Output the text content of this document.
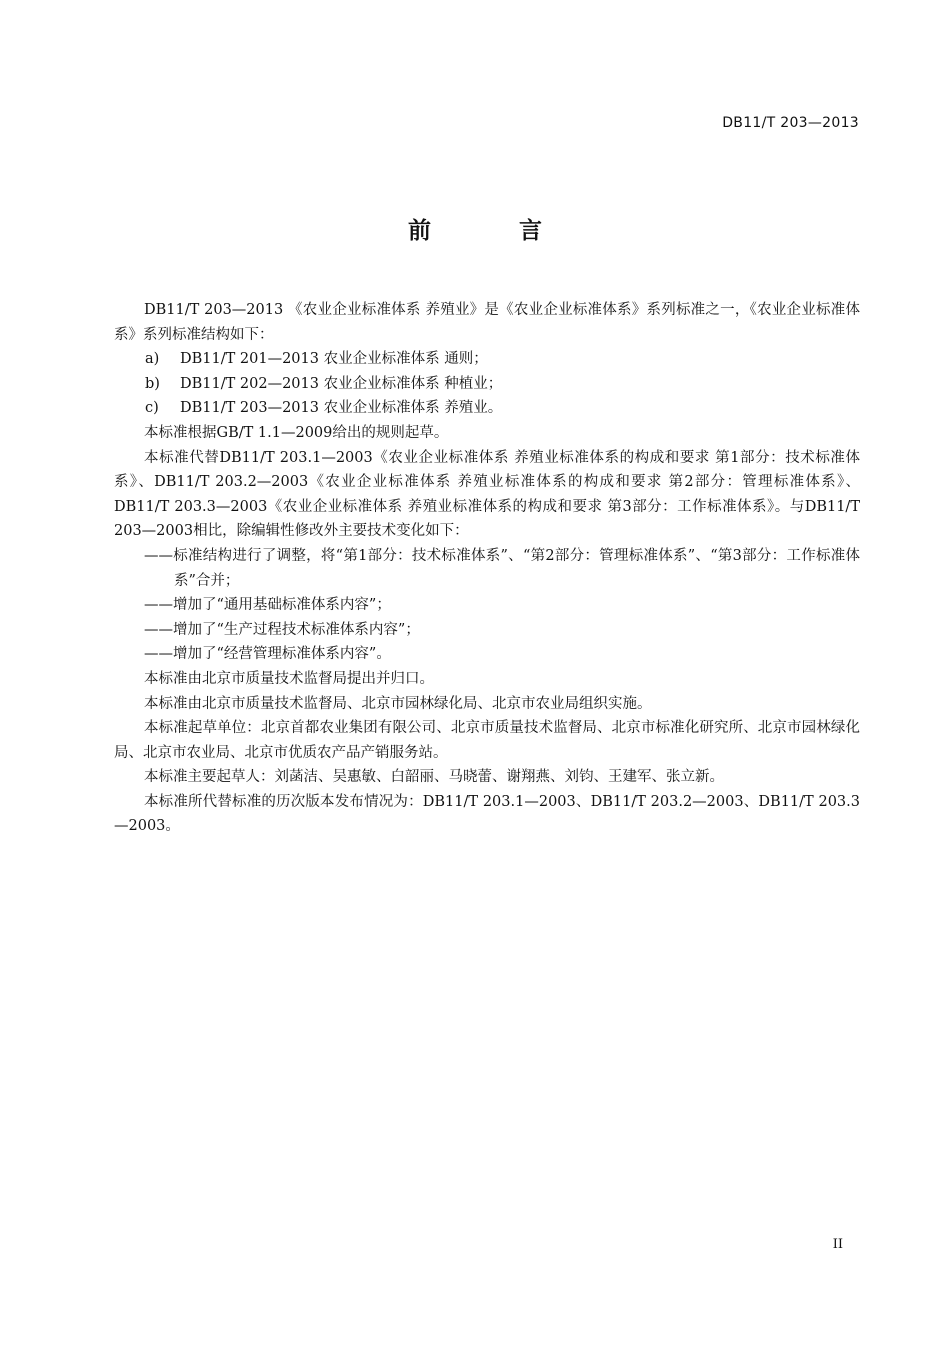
DB11/T 203—2013
前 言

DB11/T 203—2013 《农业企业标准体系 养殖业》是《农业企业标准体系》系列标准之一，《农业企业标准体系》系列标准结构如下：

a) DB11/T 201—2013 农业企业标准体系 通则；

b) DB11/T 202—2013 农业企业标准体系 种植业；

c) DB11/T 203—2013 农业企业标准体系 养殖业。

本标准根据GB/T 1.1—2009给出的规则起草。

本标准代替DB11/T 203.1—2003《农业企业标准体系 养殖业标准体系的构成和要求 第1部分：技术标准体系》、DB11/T 203.2—2003《农业企业标准体系 养殖业标准体系的构成和要求 第2部分：管理标准体系》、DB11/T 203.3—2003《农业企业标准体系 养殖业标准体系的构成和要求 第3部分：工作标准体系》。与DB11/T 203—2003相比，除编辑性修改外主要技术变化如下：

——标准结构进行了调整，将“第1部分：技术标准体系”、“第2部分：管理标准体系”、“第3部分：工作标准体系”合并；

——增加了“通用基础标准体系内容”；

——增加了“生产过程技术标准体系内容”；

——增加了“经营管理标准体系内容”。

本标准由北京市质量技术监督局提出并归口。

本标准由北京市质量技术监督局、北京市园林绿化局、北京市农业局组织实施。

本标准起草单位：北京首都农业集团有限公司、北京市质量技术监督局、北京市标准化研究所、北京市园林绿化局、北京市农业局、北京市优质农产品产销服务站。

本标准主要起草人：刘菡洁、吴惠敏、白韶丽、马晓蕾、谢翔燕、刘钧、王建军、张立新。

本标准所代替标准的历次版本发布情况为：DB11/T 203.1—2003、DB11/T 203.2—2003、DB11/T 203.3—2003。

II
